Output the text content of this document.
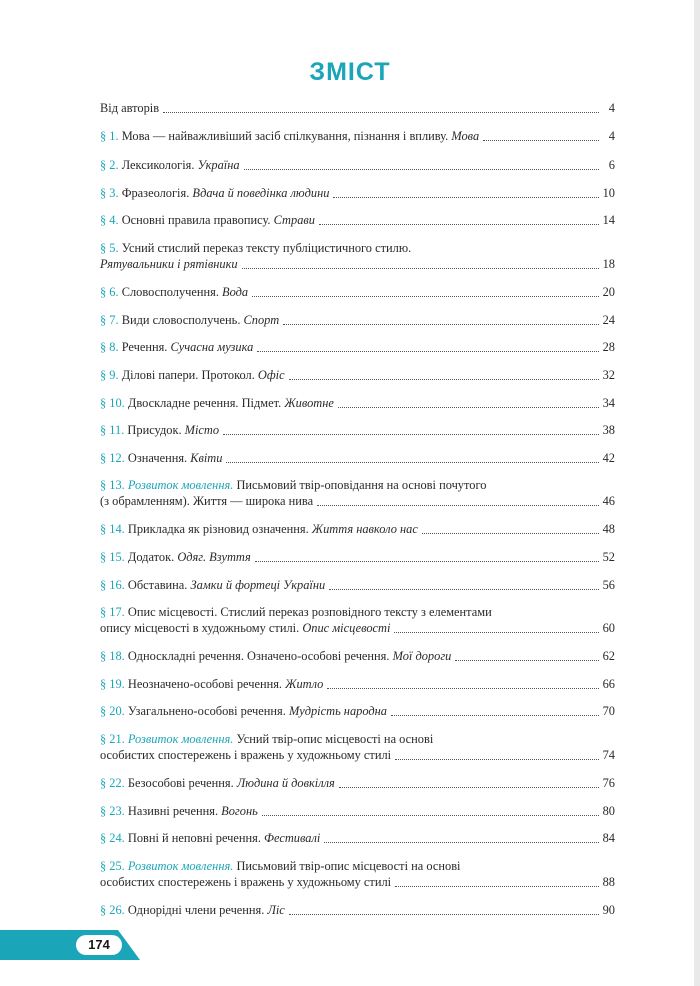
ЗМІСТ
Від авторів	4
§ 1. Мова — найважливіший засіб спілкування, пізнання і впливу. Мова	4
§ 2. Лексикологія. Україна	6
§ 3. Фразеологія. Вдача й поведінка людини	10
§ 4. Основні правила правопису. Страви	14
§ 5. Усний стислий переказ тексту публіцистичного стилю.
Рятувальники і рятівники	18
§ 6. Словосполучення. Вода	20
§ 7. Види словосполучень. Спорт	24
§ 8. Речення. Сучасна музика	28
§ 9. Ділові папери. Протокол. Офіс	32
§ 10. Двоскладне речення. Підмет. Животне	34
§ 11. Присудок. Місто	38
§ 12. Означення. Квіти	42
§ 13. Розвиток мовлення. Письмовий твір-оповідання на основі почутого
(з обрамленням). Життя — широка нива	46
§ 14. Прикладка як різновид означення. Життя навколо нас	48
§ 15. Додаток. Одяг. Взуття	52
§ 16. Обставина. Замки й фортеці України	56
§ 17. Опис місцевості. Стислий переказ розповідного тексту з елементами
опису місцевості в художньому стилі. Опис місцевості	60
§ 18. Односкладні речення. Означено-особові речення. Мої дороги	62
§ 19. Неозначено-особові речення. Житло	66
§ 20. Узагальнено-особові речення. Мудрість народна	70
§ 21. Розвиток мовлення. Усний твір-опис місцевості на основі
особистих спостережень і вражень у художньому стилі	74
§ 22. Безособові речення. Людина й довкілля	76
§ 23. Називні речення. Вогонь	80
§ 24. Повні й неповні речення. Фестивалі	84
§ 25. Розвиток мовлення. Письмовий твір-опис місцевості на основі
особистих спостережень і вражень у художньому стилі	88
§ 26. Однорідні члени речення. Ліс	90
174
